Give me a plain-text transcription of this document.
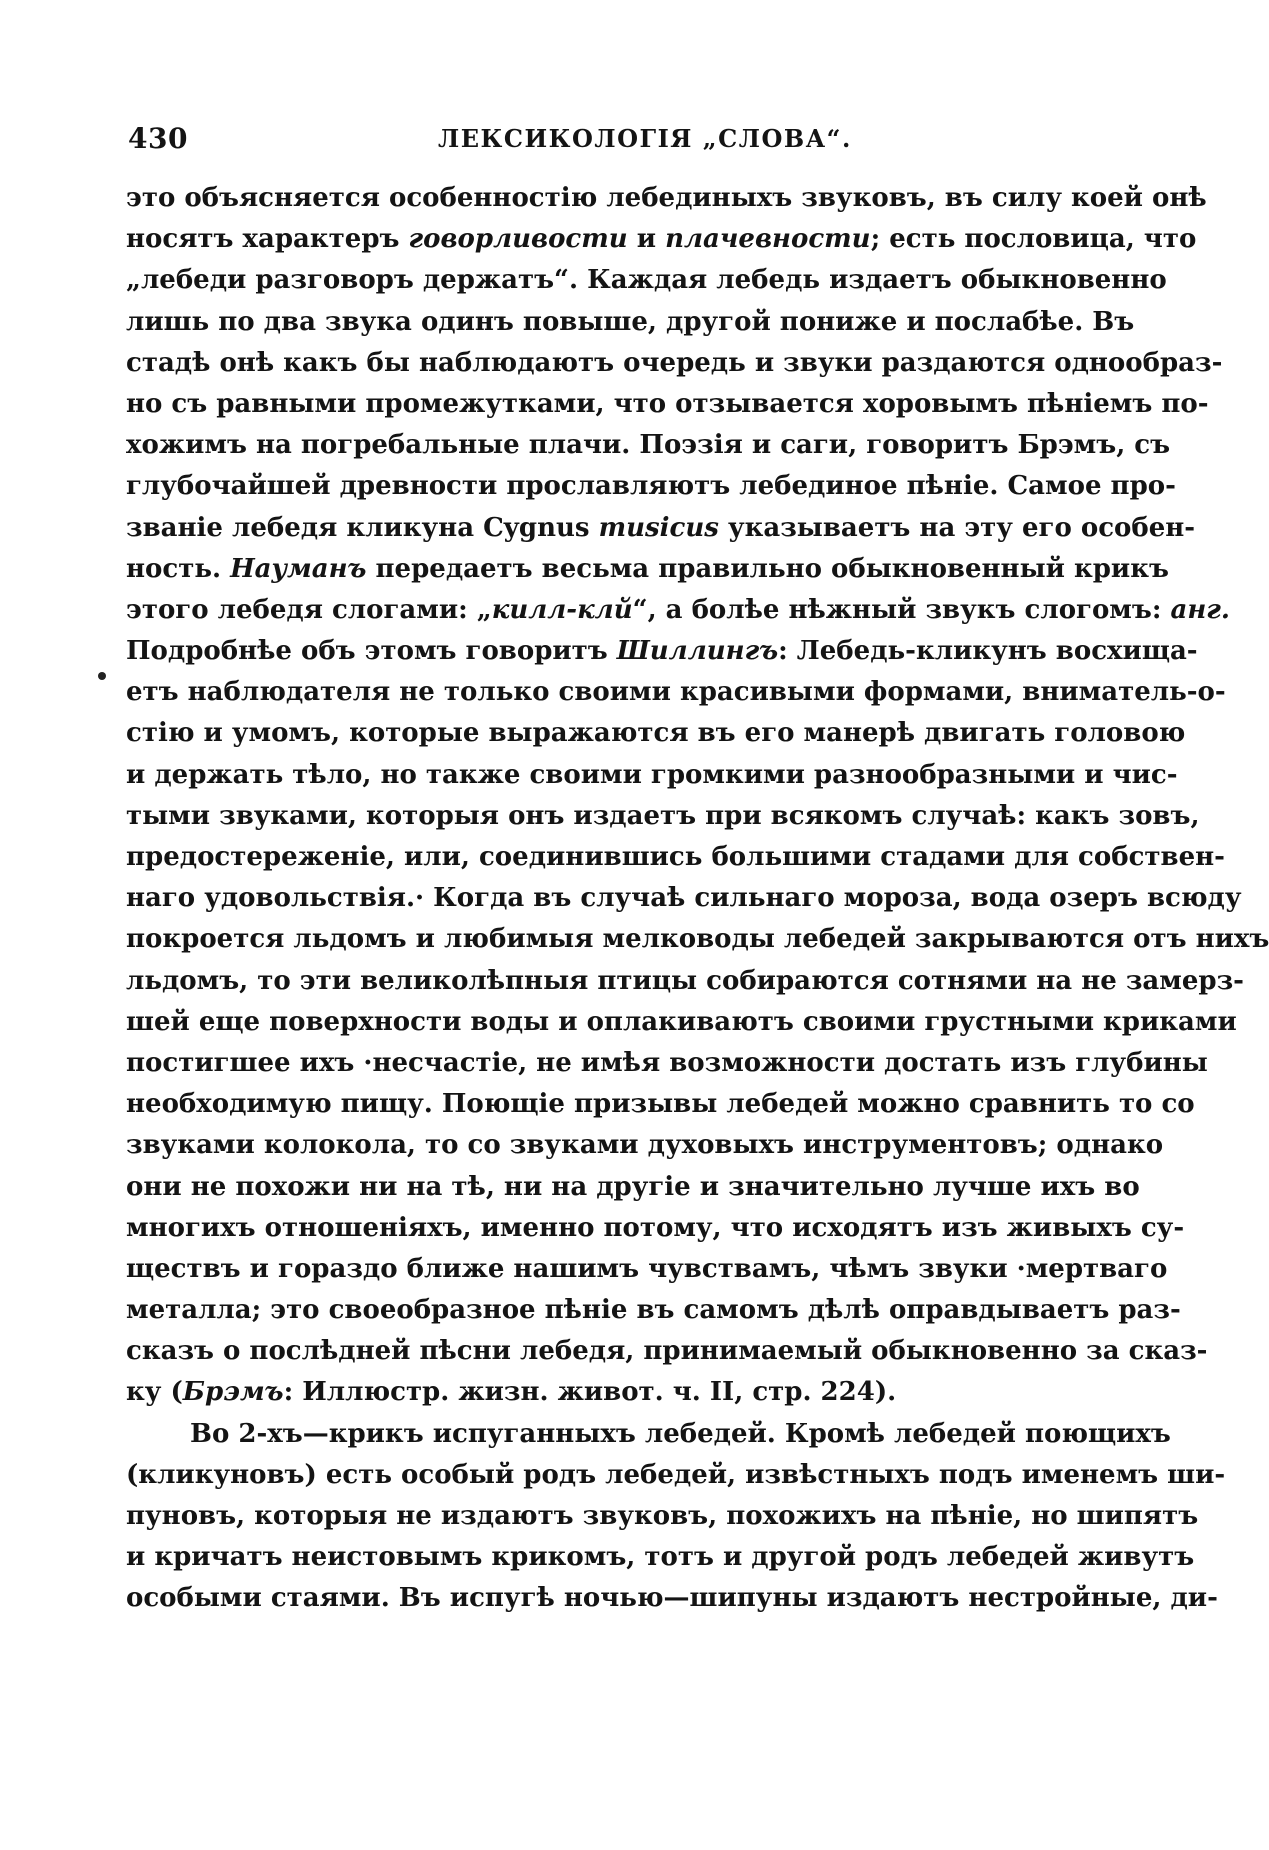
430	ЛЕКСИКОЛОГІЯ „СЛОВА“.
это объясняется особенностію лебединыхъ звуковъ, въ силу коей онѣ
носятъ характеръ говорливости и плачевности; есть пословица, что
„лебеди разговоръ держатъ“. Каждая лебедь издаетъ обыкновенно
лишь по два звука одинъ повыше, другой пониже и послабѣе. Въ
стадѣ онѣ какъ бы наблюдаютъ очередь и звуки раздаются однообраз-
но съ равными промежутками, что отзывается хоровымъ пѣніемъ по-
хожимъ на погребальные плачи. Поэзія и саги, говоритъ Брэмъ, съ
глубочайшей древности прославляютъ лебединое пѣніе. Самое про-
званіе лебедя кликуна Cygnus musicus указываетъ на эту его особен-
ность. Науманъ передаетъ весьма правильно обыкновенный крикъ
этого лебедя слогами: „килл-клй“, а болѣе нѣжный звукъ слогомъ: анг.
Подробнѣе объ этомъ говоритъ Шиллингъ: Лебедь-кликунъ восхища-
етъ наблюдателя не только своими красивыми формами, вниматель-о-
стію и умомъ, которые выражаются въ его манерѣ двигать головою
и держать тѣло, но также своими громкими разнообразными и чис-
тыми звуками, которыя онъ издаетъ при всякомъ случаѣ: какъ зовъ,
предостереженіе, или, соединившись большими стадами для собствен-
наго удовольствія.· Когда въ случаѣ сильнаго мороза, вода озеръ всюду
покроется льдомъ и любимыя мелководы лебедей закрываются отъ нихъ
льдомъ, то эти великолѣпныя птицы собираются сотнями на не замерз-
шей еще поверхности воды и оплакиваютъ своими грустными криками
постигшее ихъ ·несчастіе, не имѣя возможности достать изъ глубины
необходимую пищу. Поющіе призывы лебедей можно сравнить то со
звуками колокола, то со звуками духовыхъ инструментовъ; однако
они не похожи ни на тѣ, ни на другіе и значительно лучше ихъ во
многихъ отношеніяхъ, именно потому, что исходятъ изъ живыхъ су-
ществъ и гораздо ближе нашимъ чувствамъ, чѣмъ звуки ·мертваго
металла; это своеобразное пѣніе въ самомъ дѣлѣ оправдываетъ раз-
сказъ о послѣдней пѣсни лебедя, принимаемый обыкновенно за сказ-
ку (Брэмъ: Иллюстр. жизн. живот. ч. II, стр. 224).
Во 2-хъ—крикъ испуганныхъ лебедей. Кромѣ лебедей поющихъ
(кликуновъ) есть особый родъ лебедей, извѣстныхъ подъ именемъ ши-
пуновъ, которыя не издаютъ звуковъ, похожихъ на пѣніе, но шипятъ
и кричатъ неистовымъ крикомъ, тотъ и другой родъ лебедей живутъ
особыми стаями. Въ испугѣ ночью—шипуны издаютъ нестройные, ди-
